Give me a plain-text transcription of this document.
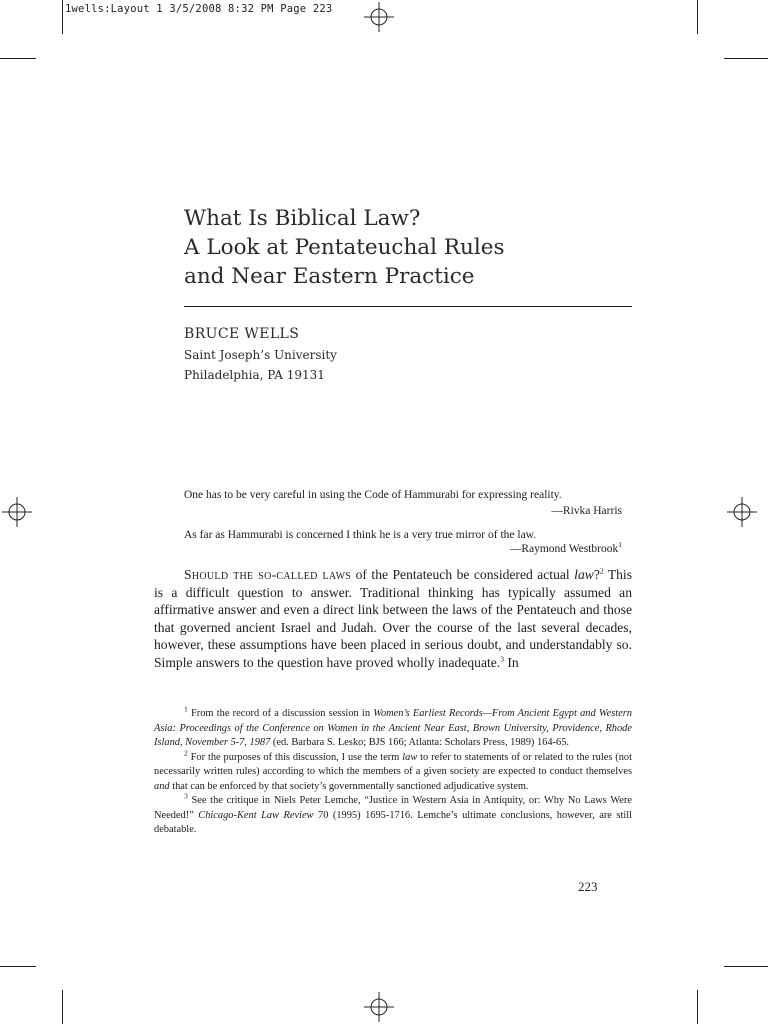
1wells:Layout 1 3/5/2008 8:32 PM Page 223
What Is Biblical Law?
A Look at Pentateuchal Rules
and Near Eastern Practice
BRUCE WELLS
Saint Joseph’s University
Philadelphia, PA 19131
One has to be very careful in using the Code of Hammurabi for expressing reality.
—Rivka Harris
As far as Hammurabi is concerned I think he is a very true mirror of the law.
—Raymond Westbrook$^1$

Should the so-called laws of the Pentateuch be considered actual law?$^2$ This is a difficult question to answer. Traditional thinking has typically assumed an affirmative answer and even a direct link between the laws of the Pentateuch and those that governed ancient Israel and Judah. Over the course of the last several decades, however, these assumptions have been placed in serious doubt, and understandably so. Simple answers to the question have proved wholly inadequate.$^3$ In

$^1$ From the record of a discussion session in Women’s Earliest Records—From Ancient Egypt and Western Asia: Proceedings of the Conference on Women in the Ancient Near East, Brown University, Providence, Rhode Island, November 5-7, 1987 (ed. Barbara S. Lesko; BJS 166; Atlanta: Scholars Press, 1989) 164-65.

$^2$ For the purposes of this discussion, I use the term law to refer to statements of or related to the rules (not necessarily written rules) according to which the members of a given society are expected to conduct themselves and that can be enforced by that society’s governmentally sanctioned adjudicative system.

$^3$ See the critique in Niels Peter Lemche, “Justice in Western Asia in Antiquity, or: Why No Laws Were Needed!” Chicago-Kent Law Review 70 (1995) 1695-1716. Lemche’s ultimate conclusions, however, are still debatable.

223
